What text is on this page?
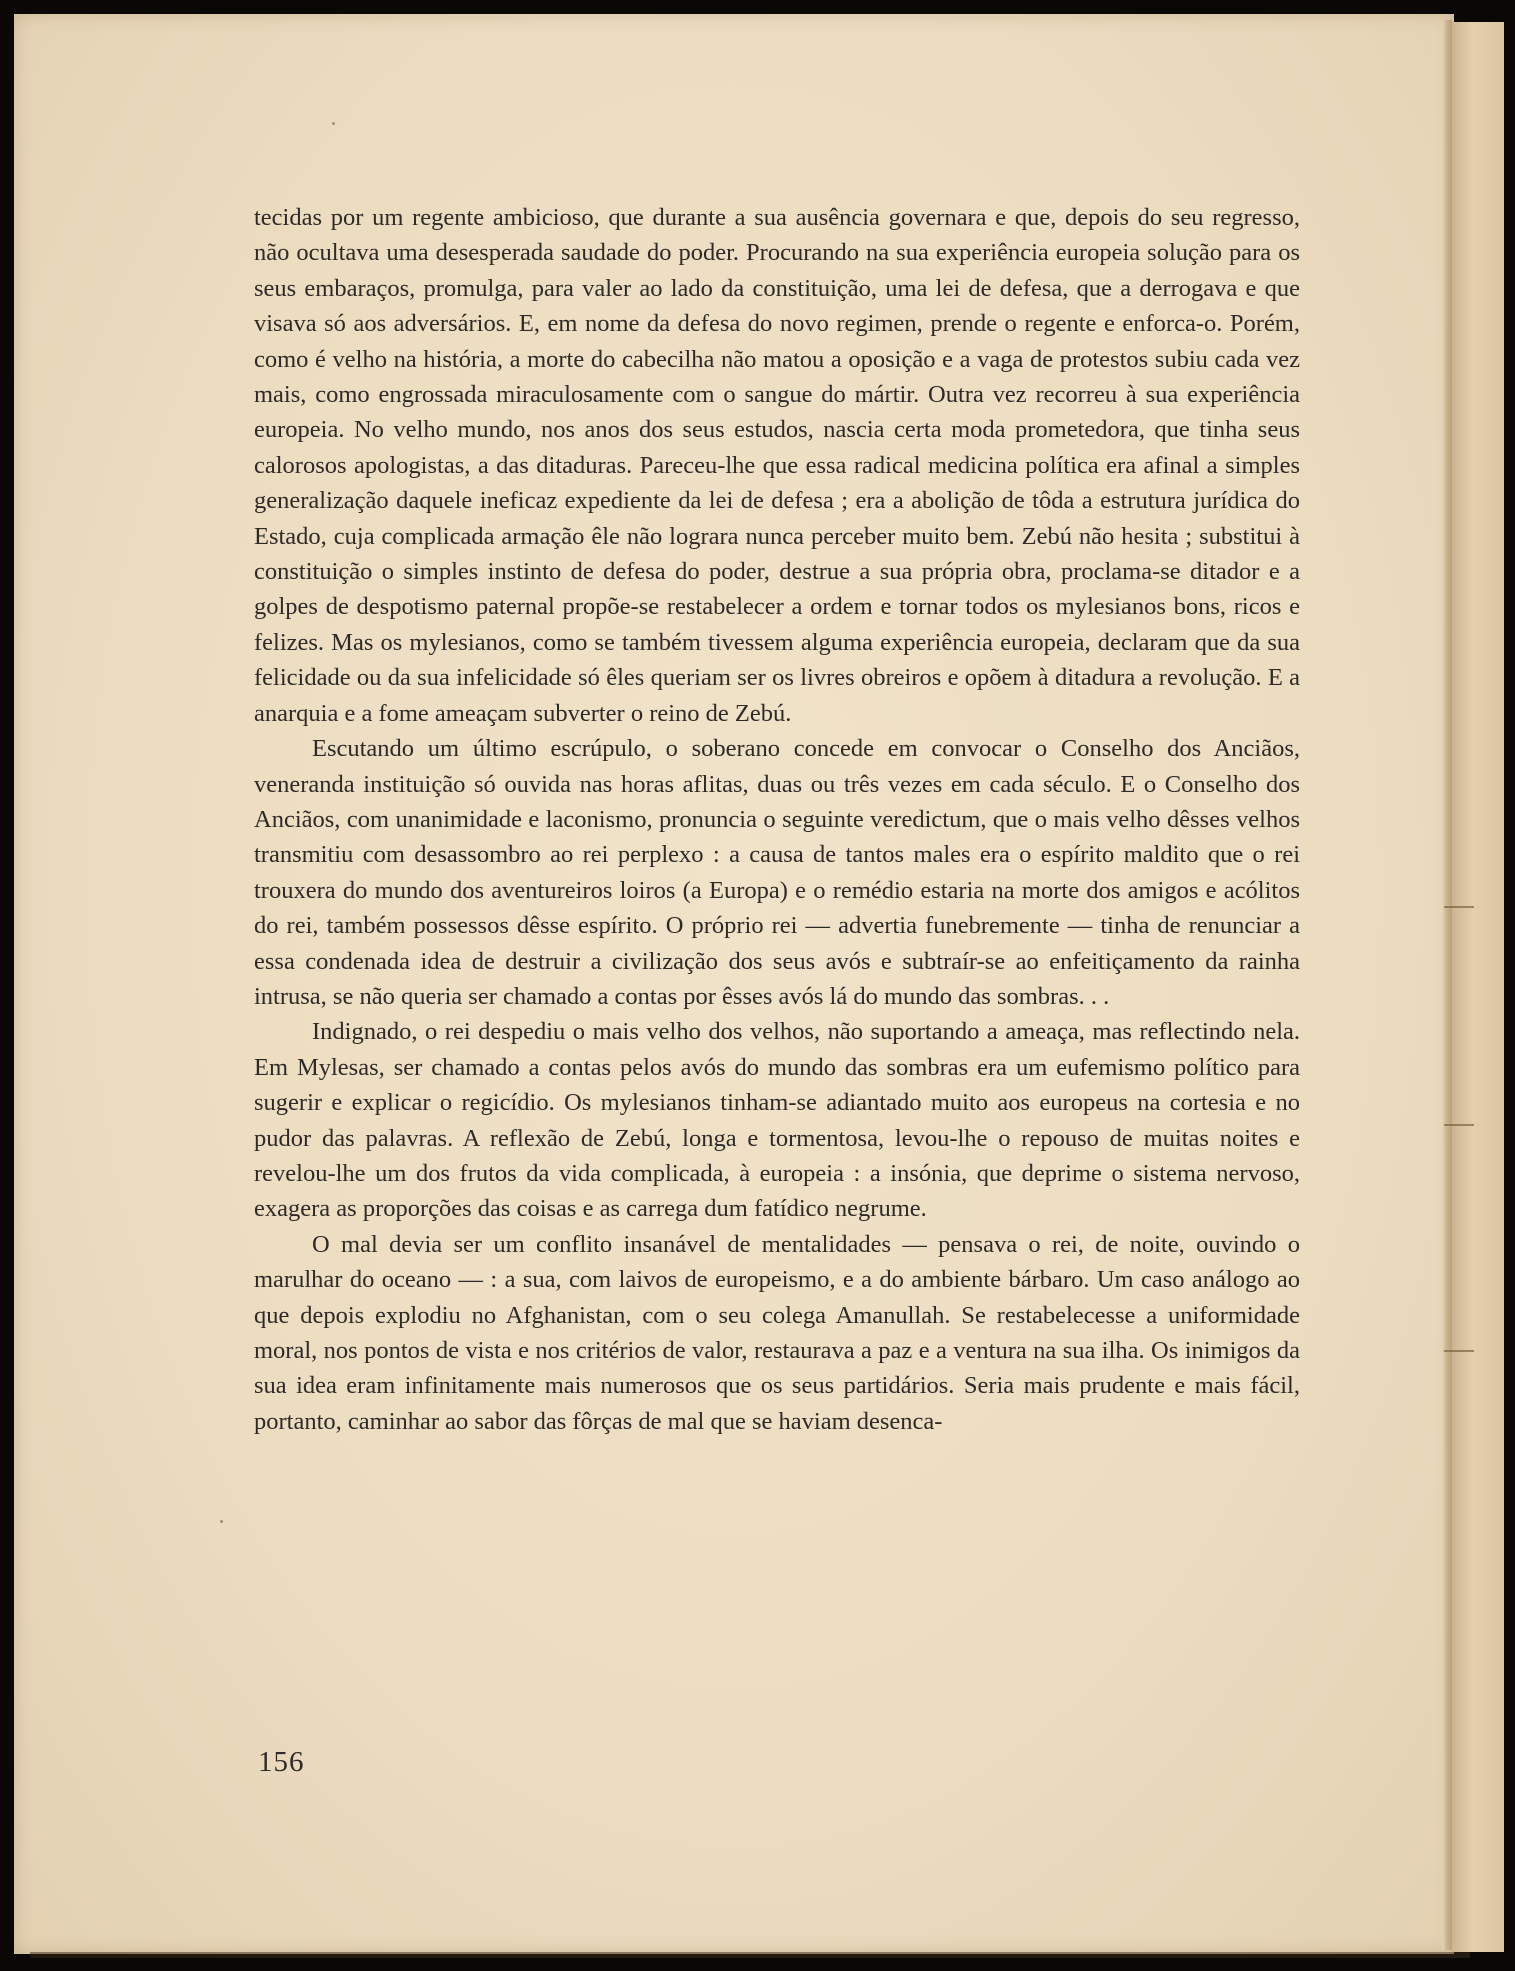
tecidas por um regente ambicioso, que durante a sua ausência governara e que, depois do seu regresso, não ocultava uma desesperada saudade do poder. Procurando na sua experiência europeia solução para os seus embaraços, promulga, para valer ao lado da constituição, uma lei de defesa, que a derrogava e que visava só aos adversários. E, em nome da defesa do novo regimen, prende o regente e enforca-o. Porém, como é velho na história, a morte do cabecilha não matou a oposição e a vaga de protestos subiu cada vez mais, como engrossada miraculosamente com o sangue do mártir. Outra vez recorreu à sua experiência europeia. No velho mundo, nos anos dos seus estudos, nascia certa moda prometedora, que tinha seus calorosos apologistas, a das ditaduras. Pareceu-lhe que essa radical medicina política era afinal a simples generalização daquele ineficaz expediente da lei de defesa ; era a abolição de tôda a estrutura jurídica do Estado, cuja complicada armação êle não lograra nunca perceber muito bem. Zebú não hesita ; substitui à constituição o simples instinto de defesa do poder, destrue a sua própria obra, proclama-se ditador e a golpes de despotismo paternal propõe-se restabelecer a ordem e tornar todos os mylesianos bons, ricos e felizes. Mas os mylesianos, como se também tivessem alguma experiência europeia, declaram que da sua felicidade ou da sua infelicidade só êles queriam ser os livres obreiros e opõem à ditadura a revolução. E a anarquia e a fome ameaçam subverter o reino de Zebú.

Escutando um último escrúpulo, o soberano concede em convocar o Conselho dos Anciãos, veneranda instituição só ouvida nas horas aflitas, duas ou três vezes em cada século. E o Conselho dos Anciãos, com unanimidade e laconismo, pronuncia o seguinte veredictum, que o mais velho dêsses velhos transmitiu com desassombro ao rei perplexo : a causa de tantos males era o espírito maldito que o rei trouxera do mundo dos aventureiros loiros (a Europa) e o remédio estaria na morte dos amigos e acólitos do rei, também possessos dêsse espírito. O próprio rei — advertia funebremente — tinha de renunciar a essa condenada idea de destruir a civilização dos seus avós e subtraír-se ao enfeitiçamento da rainha intrusa, se não queria ser chamado a contas por êsses avós lá do mundo das sombras. . .

Indignado, o rei despediu o mais velho dos velhos, não suportando a ameaça, mas reflectindo nela. Em Mylesas, ser chamado a contas pelos avós do mundo das sombras era um eufemismo político para sugerir e explicar o regicídio. Os mylesianos tinham-se adiantado muito aos europeus na cortesia e no pudor das palavras. A reflexão de Zebú, longa e tormentosa, levou-lhe o repouso de muitas noites e revelou-lhe um dos frutos da vida complicada, à europeia : a insónia, que deprime o sistema nervoso, exagera as proporções das coisas e as carrega dum fatídico negrume.

O mal devia ser um conflito insanável de mentalidades — pensava o rei, de noite, ouvindo o marulhar do oceano — : a sua, com laivos de europeismo, e a do ambiente bárbaro. Um caso análogo ao que depois explodiu no Afghanistan, com o seu colega Amanullah. Se restabelecesse a uniformidade moral, nos pontos de vista e nos critérios de valor, restaurava a paz e a ventura na sua ilha. Os inimigos da sua idea eram infinitamente mais numerosos que os seus partidários. Seria mais prudente e mais fácil, portanto, caminhar ao sabor das fôrças de mal que se haviam desenca-

156
